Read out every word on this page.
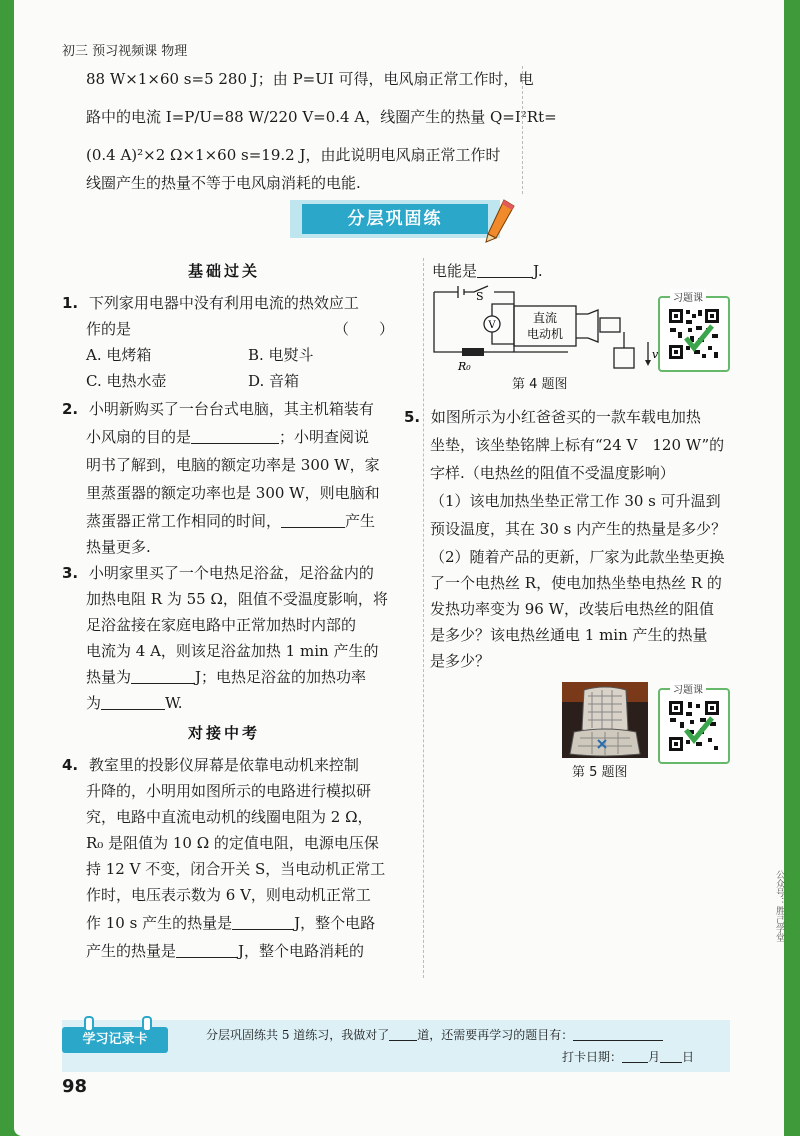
初三 预习视频课 物理
88 W×1×60 s=5 280 J；由 P=UI 可得，电风扇正常工作时，电
路中的电流 I=P/U=88 W/220 V=0.4 A，线圈产生的热量 Q=I²Rt=
(0.4 A)²×2 Ω×1×60 s=19.2 J，由此说明电风扇正常工作时
线圈产生的热量不等于电风扇消耗的电能.
分层巩固练
基础过关
1. 下列家用电器中没有利用电流的热效应工
作的是	（　　）
A. 电烤箱	B. 电熨斗
C. 电热水壶	D. 音箱
2. 小明新购买了一台台式电脑，其主机箱装有
小风扇的目的是	；小明查阅说
明书了解到，电脑的额定功率是 300 W，家
里蒸蛋器的额定功率也是 300 W，则电脑和
蒸蛋器正常工作相同的时间，	产生
热量更多.
3. 小明家里买了一个电热足浴盆，足浴盆内的
加热电阻 R 为 55 Ω，阻值不受温度影响，将
足浴盆接在家庭电路中正常加热时内部的
电流为 4 A，则该足浴盆加热 1 min 产生的
热量为	J；电热足浴盆的加热功率
为	W.
对接中考
4. 教室里的投影仪屏幕是依靠电动机来控制
升降的，小明用如图所示的电路进行模拟研
究，电路中直流电动机的线圈电阻为 2 Ω，
R₀ 是阻值为 10 Ω 的定值电阻，电源电压保
持 12 V 不变，闭合开关 S，当电动机正常工
作时，电压表示数为 6 V，则电动机正常工
作 10 s 产生的热量是	J，整个电路
产生的热量是	J，整个电路消耗的
电能是	J.
V
S
R₀
直流
电动机
v
第 4 题图
习题课
5. 如图所示为小红爸爸买的一款车载电加热
坐垫，该坐垫铭牌上标有“24 V　120 W”的
字样.（电热丝的阻值不受温度影响）
（1）该电加热坐垫正常工作 30 s 可升温到
预设温度，其在 30 s 内产生的热量是多少？
（2）随着产品的更新，厂家为此款坐垫更换
了一个电热丝 R，使电加热坐垫电热丝 R 的
发热功率变为 96 W，改装后电热丝的阻值
是多少？该电热丝通电 1 min 产生的热量
是多少？
第 5 题图
习题课
学习记录卡	分层巩固练共 5 道练习，我做对了 道，还需要再学习的题目有：
打卡日期： 月 日
98
公众号：胜己学堂
